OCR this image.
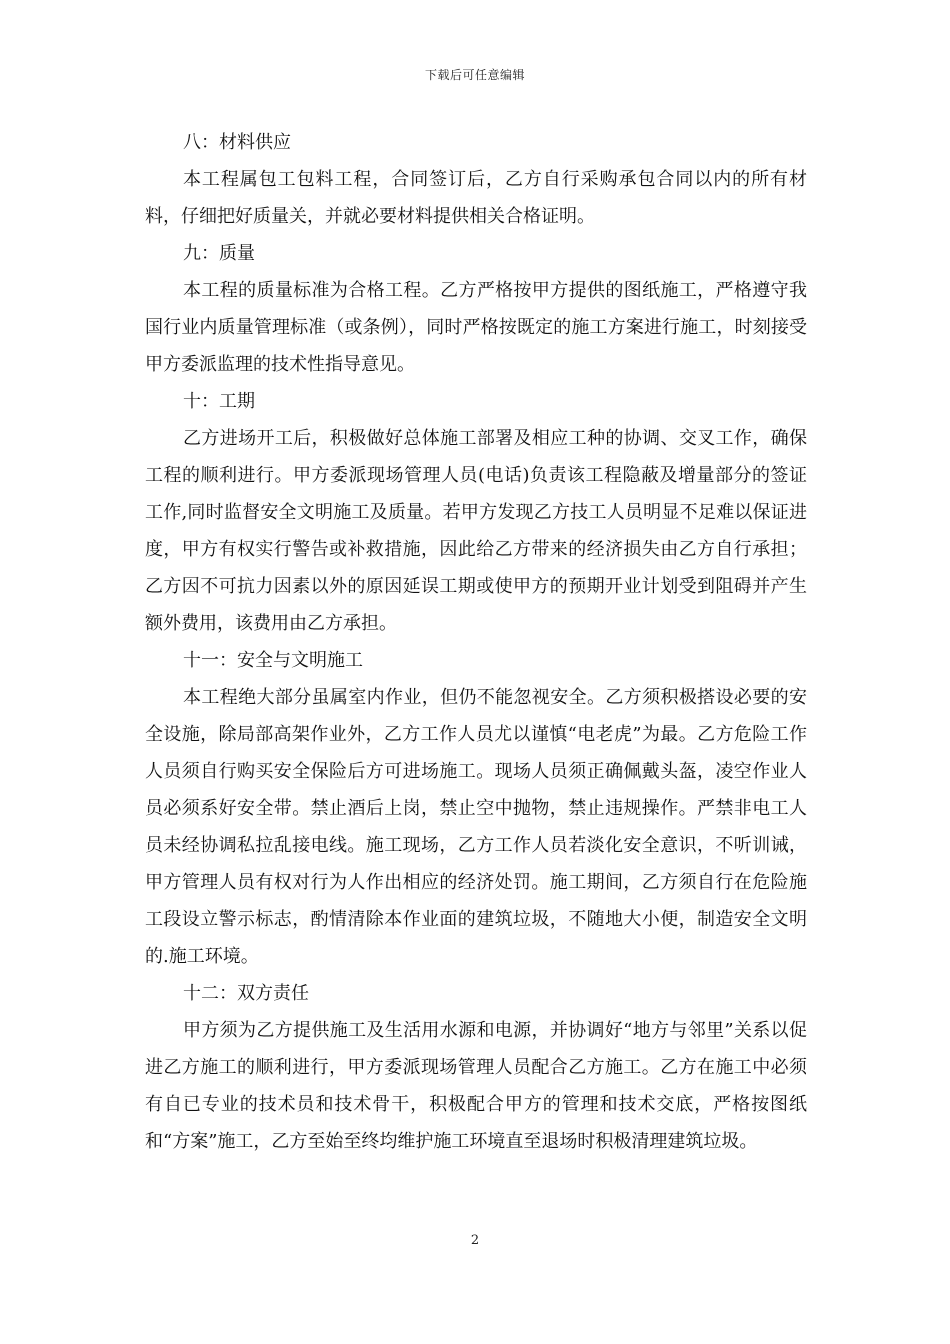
下载后可任意编辑

八：材料供应

本工程属包工包料工程，合同签订后，乙方自行采购承包合同以内的所有材料，仔细把好质量关，并就必要材料提供相关合格证明。

九：质量

本工程的质量标准为合格工程。乙方严格按甲方提供的图纸施工，严格遵守我国行业内质量管理标准（或条例），同时严格按既定的施工方案进行施工，时刻接受甲方委派监理的技术性指导意见。

十：工期

乙方进场开工后，积极做好总体施工部署及相应工种的协调、交叉工作，确保工程的顺利进行。甲方委派现场管理人员(电话)负责该工程隐蔽及增量部分的签证工作,同时监督安全文明施工及质量。若甲方发现乙方技工人员明显不足难以保证进度，甲方有权实行警告或补救措施，因此给乙方带来的经济损失由乙方自行承担；乙方因不可抗力因素以外的原因延误工期或使甲方的预期开业计划受到阻碍并产生额外费用，该费用由乙方承担。

十一：安全与文明施工

本工程绝大部分虽属室内作业，但仍不能忽视安全。乙方须积极搭设必要的安全设施，除局部高架作业外，乙方工作人员尤以谨慎“电老虎”为最。乙方危险工作人员须自行购买安全保险后方可进场施工。现场人员须正确佩戴头盔，凌空作业人员必须系好安全带。禁止酒后上岗，禁止空中抛物，禁止违规操作。严禁非电工人员未经协调私拉乱接电线。施工现场，乙方工作人员若淡化安全意识，不听训诫，甲方管理人员有权对行为人作出相应的经济处罚。施工期间，乙方须自行在危险施工段设立警示标志，酌情清除本作业面的建筑垃圾，不随地大小便，制造安全文明的.施工环境。

十二：双方责任

甲方须为乙方提供施工及生活用水源和电源，并协调好“地方与邻里”关系以促进乙方施工的顺利进行，甲方委派现场管理人员配合乙方施工。乙方在施工中必须有自已专业的技术员和技术骨干，积极配合甲方的管理和技术交底，严格按图纸和“方案”施工，乙方至始至终均维护施工环境直至退场时积极清理建筑垃圾。

2
